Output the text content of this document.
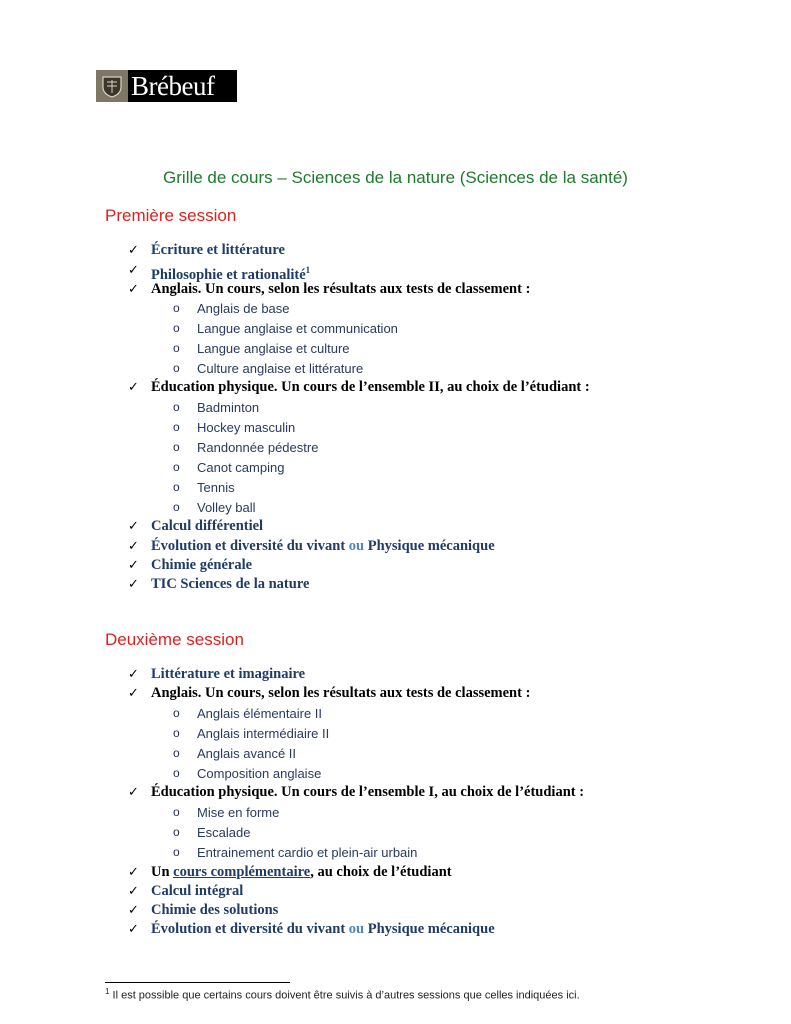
Brébeuf
Grille de cours – Sciences de la nature (Sciences de la santé)
Première session
✓ Écriture et littérature
✓ Philosophie et rationalité$^1$
✓ Anglais. Un cours, selon les résultats aux tests de classement :
o Anglais de base
o Langue anglaise et communication
o Langue anglaise et culture
o Culture anglaise et littérature
✓ Éducation physique. Un cours de l’ensemble II, au choix de l’étudiant :
o Badminton
o Hockey masculin
o Randonnée pédestre
o Canot camping
o Tennis
o Volley ball
✓ Calcul différentiel
✓ Évolution et diversité du vivant ou Physique mécanique
✓ Chimie générale
✓ TIC Sciences de la nature
Deuxième session
✓ Littérature et imaginaire
✓ Anglais. Un cours, selon les résultats aux tests de classement :
o Anglais élémentaire II
o Anglais intermédiaire II
o Anglais avancé II
o Composition anglaise
✓ Éducation physique. Un cours de l’ensemble I, au choix de l’étudiant :
o Mise en forme
o Escalade
o Entrainement cardio et plein-air urbain
✓ Un cours complémentaire, au choix de l’étudiant
✓ Calcul intégral
✓ Chimie des solutions
✓ Évolution et diversité du vivant ou Physique mécanique
$^1$ Il est possible que certains cours doivent être suivis à d’autres sessions que celles indiquées ici.
